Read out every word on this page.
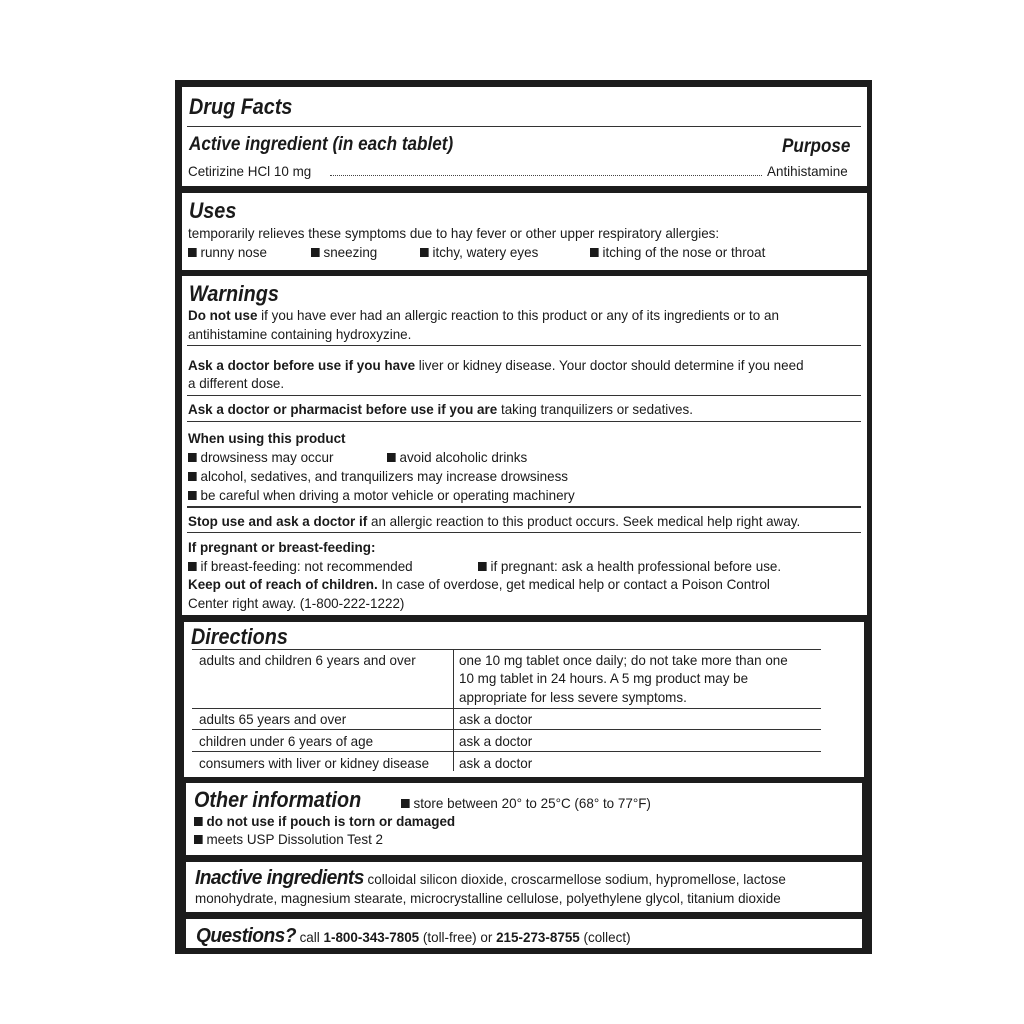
Drug Facts
Active ingredient (in each tablet)	Purpose
Cetirizine HCl 10 mg	Antihistamine
Uses
temporarily relieves these symptoms due to hay fever or other upper respiratory allergies:
runny nose	sneezing	itchy, watery eyes	itching of the nose or throat
Warnings
Do not use if you have ever had an allergic reaction to this product or any of its ingredients or to an
antihistamine containing hydroxyzine.
Ask a doctor before use if you have liver or kidney disease. Your doctor should determine if you need
a different dose.
Ask a doctor or pharmacist before use if you are taking tranquilizers or sedatives.
When using this product
drowsiness may occur	avoid alcoholic drinks
alcohol, sedatives, and tranquilizers may increase drowsiness
be careful when driving a motor vehicle or operating machinery
Stop use and ask a doctor if an allergic reaction to this product occurs. Seek medical help right away.
If pregnant or breast-feeding:
if breast-feeding: not recommended	if pregnant: ask a health professional before use.
Keep out of reach of children. In case of overdose, get medical help or contact a Poison Control
Center right away. (1-800-222-1222)
Directions
adults and children 6 years and over	one 10 mg tablet once daily; do not take more than one
10 mg tablet in 24 hours. A 5 mg product may be
appropriate for less severe symptoms.
adults 65 years and over	ask a doctor
children under 6 years of age	ask a doctor
consumers with liver or kidney disease ask a doctor
Other information	store between 20° to 25°C (68° to 77°F)
do not use if pouch is torn or damaged
meets USP Dissolution Test 2
Inactive ingredients colloidal silicon dioxide, croscarmellose sodium, hypromellose, lactose
monohydrate, magnesium stearate, microcrystalline cellulose, polyethylene glycol, titanium dioxide
Questions? call 1-800-343-7805 (toll-free) or 215-273-8755 (collect)
